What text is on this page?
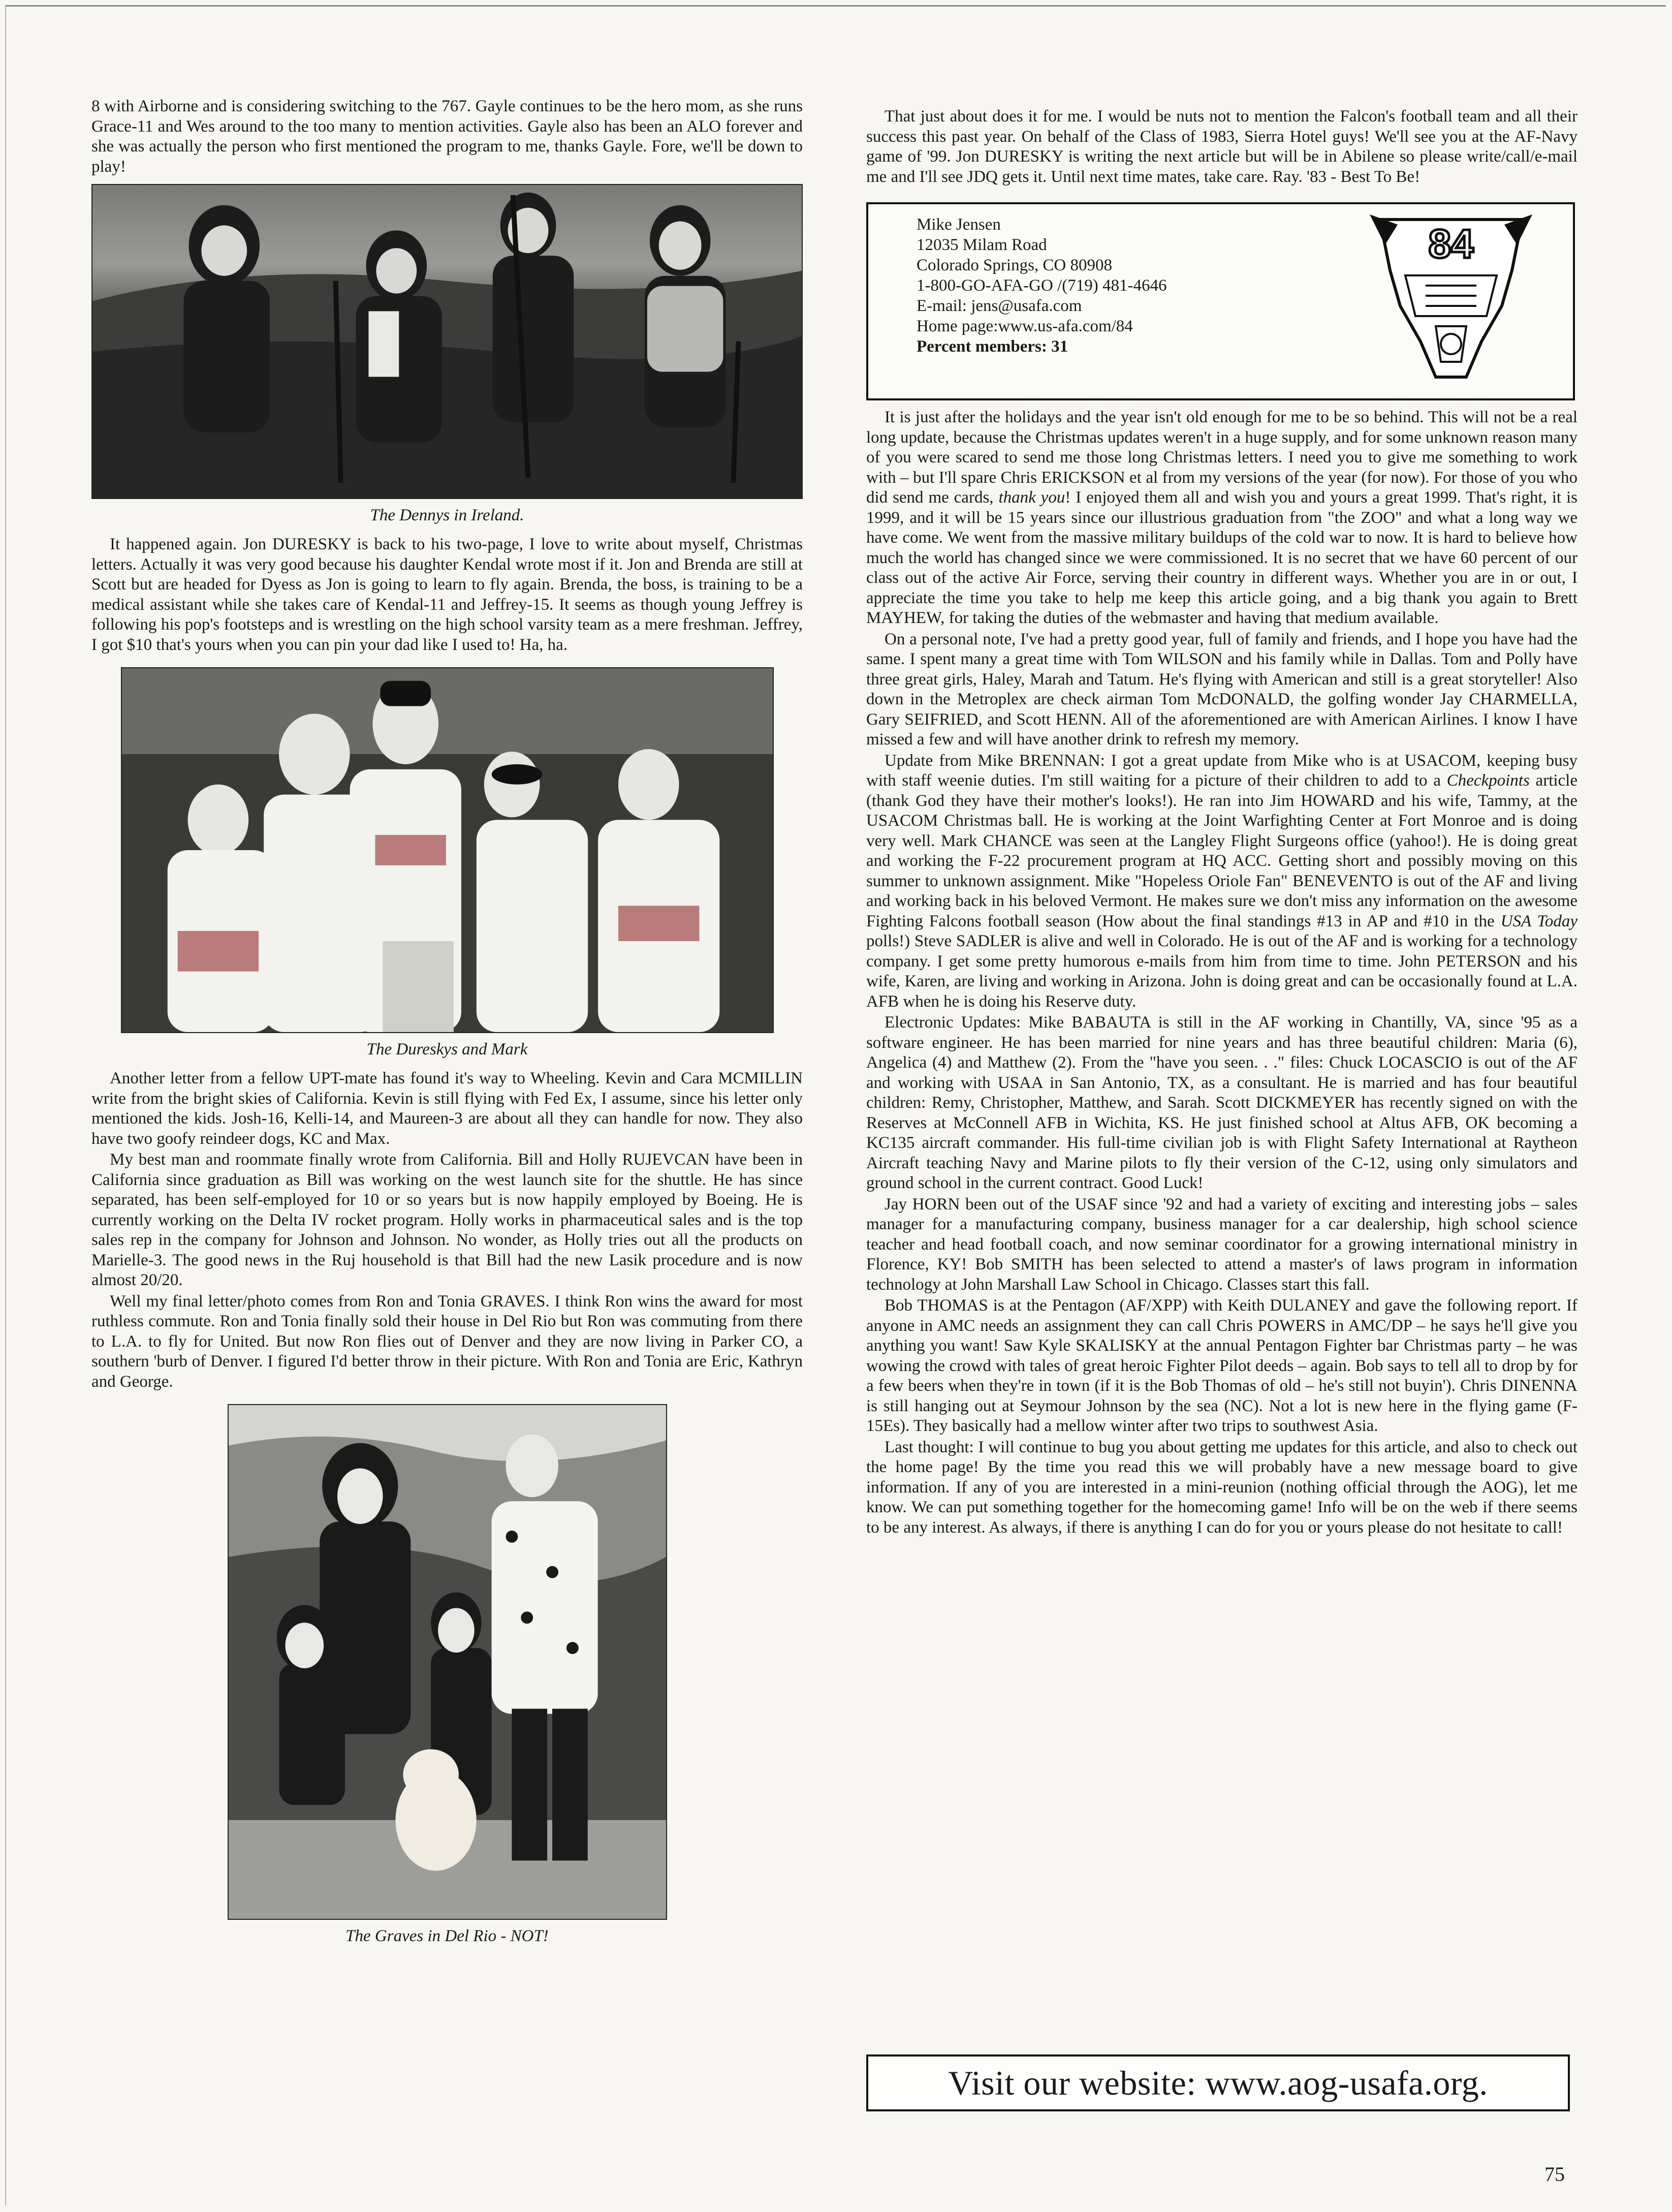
8 with Airborne and is considering switching to the 767. Gayle continues to be the hero mom, as she runs Grace-11 and Wes around to the too many to mention activities. Gayle also has been an ALO forever and she was actually the person who first mentioned the program to me, thanks Gayle. Fore, we'll be down to play!

The Dennys in Ireland.

It happened again. Jon DURESKY is back to his two-page, I love to write about myself, Christmas letters. Actually it was very good because his daughter Kendal wrote most if it. Jon and Brenda are still at Scott but are headed for Dyess as Jon is going to learn to fly again. Brenda, the boss, is training to be a medical assistant while she takes care of Kendal-11 and Jeffrey-15. It seems as though young Jeffrey is following his pop's footsteps and is wrestling on the high school varsity team as a mere freshman. Jeffrey, I got $10 that's yours when you can pin your dad like I used to! Ha, ha.

The Dureskys and Mark

Another letter from a fellow UPT-mate has found it's way to Wheeling. Kevin and Cara MCMILLIN write from the bright skies of California. Kevin is still flying with Fed Ex, I assume, since his letter only mentioned the kids. Josh-16, Kelli-14, and Maureen-3 are about all they can handle for now. They also have two goofy reindeer dogs, KC and Max.

My best man and roommate finally wrote from California. Bill and Holly RUJEVCAN have been in California since graduation as Bill was working on the west launch site for the shuttle. He has since separated, has been self-employed for 10 or so years but is now happily employed by Boeing. He is currently working on the Delta IV rocket program. Holly works in pharmaceutical sales and is the top sales rep in the company for Johnson and Johnson. No wonder, as Holly tries out all the products on Marielle-3. The good news in the Ruj household is that Bill had the new Lasik procedure and is now almost 20/20.

Well my final letter/photo comes from Ron and Tonia GRAVES. I think Ron wins the award for most ruthless commute. Ron and Tonia finally sold their house in Del Rio but Ron was commuting from there to L.A. to fly for United. But now Ron flies out of Denver and they are now living in Parker CO, a southern 'burb of Denver. I figured I'd better throw in their picture. With Ron and Tonia are Eric, Kathryn and George.

The Graves in Del Rio - NOT!

That just about does it for me. I would be nuts not to mention the Falcon's football team and all their success this past year. On behalf of the Class of 1983, Sierra Hotel guys! We'll see you at the AF-Navy game of '99. Jon DURESKY is writing the next article but will be in Abilene so please write/call/e-mail me and I'll see JDQ gets it. Until next time mates, take care. Ray. '83 - Best To Be!

Mike Jensen
12035 Milam Road
Colorado Springs, CO 80908
1-800-GO-AFA-GO /(719) 481-4646
E-mail: jens@usafa.com
Home page:www.us-afa.com/84
Percent members: 31
84

It is just after the holidays and the year isn't old enough for me to be so behind. This will not be a real long update, because the Christmas updates weren't in a huge supply, and for some unknown reason many of you were scared to send me those long Christmas letters. I need you to give me something to work with – but I'll spare Chris ERICKSON et al from my versions of the year (for now). For those of you who did send me cards, thank you! I enjoyed them all and wish you and yours a great 1999. That's right, it is 1999, and it will be 15 years since our illustrious graduation from "the ZOO" and what a long way we have come. We went from the massive military buildups of the cold war to now. It is hard to believe how much the world has changed since we were commissioned. It is no secret that we have 60 percent of our class out of the active Air Force, serving their country in different ways. Whether you are in or out, I appreciate the time you take to help me keep this article going, and a big thank you again to Brett MAYHEW, for taking the duties of the webmaster and having that medium available.

On a personal note, I've had a pretty good year, full of family and friends, and I hope you have had the same. I spent many a great time with Tom WILSON and his family while in Dallas. Tom and Polly have three great girls, Haley, Marah and Tatum. He's flying with American and still is a great storyteller! Also down in the Metroplex are check airman Tom McDONALD, the golfing wonder Jay CHARMELLA, Gary SEIFRIED, and Scott HENN. All of the aforementioned are with American Airlines. I know I have missed a few and will have another drink to refresh my memory.

Update from Mike BRENNAN: I got a great update from Mike who is at USACOM, keeping busy with staff weenie duties. I'm still waiting for a picture of their children to add to a Checkpoints article (thank God they have their mother's looks!). He ran into Jim HOWARD and his wife, Tammy, at the USACOM Christmas ball. He is working at the Joint Warfighting Center at Fort Monroe and is doing very well. Mark CHANCE was seen at the Langley Flight Surgeons office (yahoo!). He is doing great and working the F-22 procurement program at HQ ACC. Getting short and possibly moving on this summer to unknown assignment. Mike "Hopeless Oriole Fan" BENEVENTO is out of the AF and living and working back in his beloved Vermont. He makes sure we don't miss any information on the awesome Fighting Falcons football season (How about the final standings #13 in AP and #10 in the USA Today polls!) Steve SADLER is alive and well in Colorado. He is out of the AF and is working for a technology company. I get some pretty humorous e-mails from him from time to time. John PETERSON and his wife, Karen, are living and working in Arizona. John is doing great and can be occasionally found at L.A. AFB when he is doing his Reserve duty.

Electronic Updates: Mike BABAUTA is still in the AF working in Chantilly, VA, since '95 as a software engineer. He has been married for nine years and has three beautiful children: Maria (6), Angelica (4) and Matthew (2). From the "have you seen. . ." files: Chuck LOCASCIO is out of the AF and working with USAA in San Antonio, TX, as a consultant. He is married and has four beautiful children: Remy, Christopher, Matthew, and Sarah. Scott DICKMEYER has recently signed on with the Reserves at McConnell AFB in Wichita, KS. He just finished school at Altus AFB, OK becoming a KC135 aircraft commander. His full-time civilian job is with Flight Safety International at Raytheon Aircraft teaching Navy and Marine pilots to fly their version of the C-12, using only simulators and ground school in the current contract. Good Luck!

Jay HORN been out of the USAF since '92 and had a variety of exciting and interesting jobs – sales manager for a manufacturing company, business manager for a car dealership, high school science teacher and head football coach, and now seminar coordinator for a growing international ministry in Florence, KY! Bob SMITH has been selected to attend a master's of laws program in information technology at John Marshall Law School in Chicago. Classes start this fall.

Bob THOMAS is at the Pentagon (AF/XPP) with Keith DULANEY and gave the following report. If anyone in AMC needs an assignment they can call Chris POWERS in AMC/DP – he says he'll give you anything you want! Saw Kyle SKALISKY at the annual Pentagon Fighter bar Christmas party – he was wowing the crowd with tales of great heroic Fighter Pilot deeds – again. Bob says to tell all to drop by for a few beers when they're in town (if it is the Bob Thomas of old – he's still not buyin'). Chris DINENNA is still hanging out at Seymour Johnson by the sea (NC). Not a lot is new here in the flying game (F-15Es). They basically had a mellow winter after two trips to southwest Asia.

Last thought: I will continue to bug you about getting me updates for this article, and also to check out the home page! By the time you read this we will probably have a new message board to give information. If any of you are interested in a mini-reunion (nothing official through the AOG), let me know. We can put something together for the homecoming game! Info will be on the web if there seems to be any interest. As always, if there is anything I can do for you or yours please do not hesitate to call!

Visit our website: www.aog-usafa.org.
75
